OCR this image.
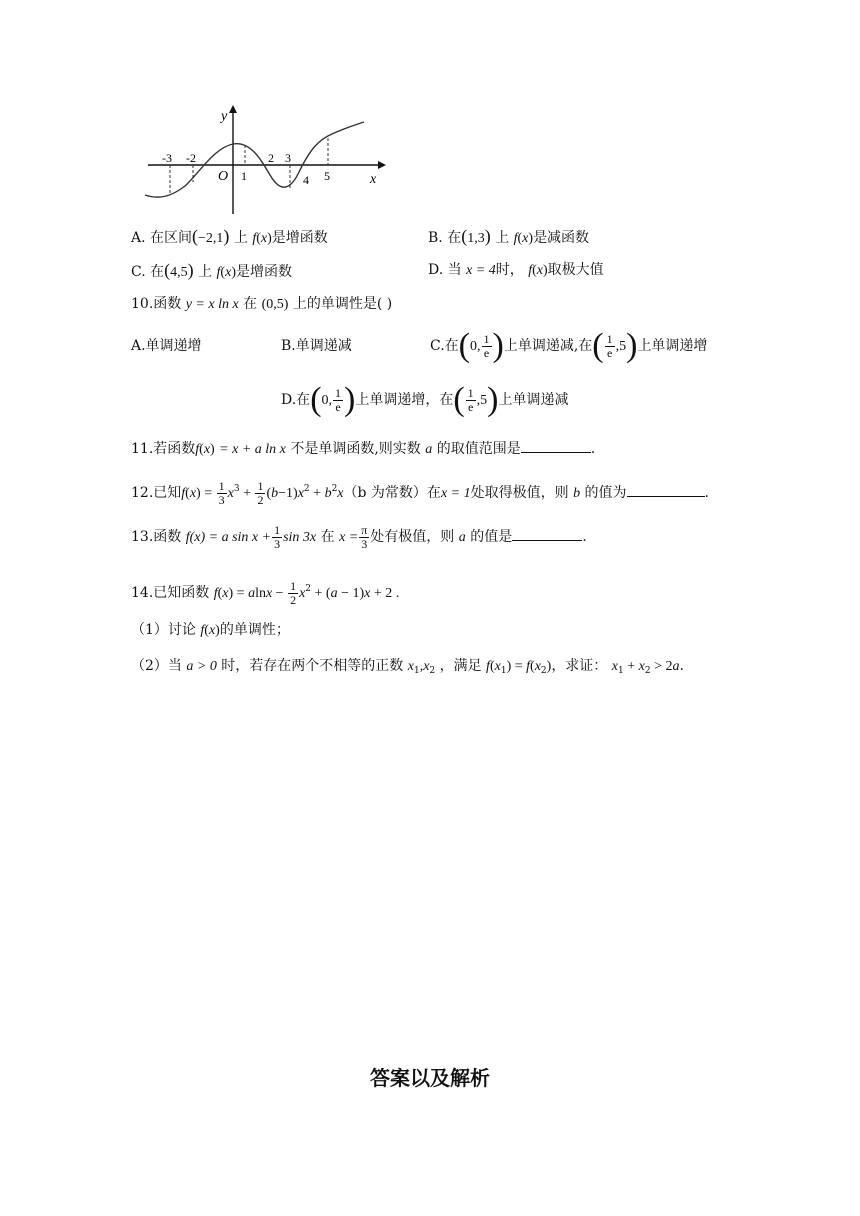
y
x
O
-3 -2
1
2 3
4 5
A. 在区间(−2,1) 上 f(x)是增函数	B. 在(1,3) 上 f(x)是减函数
C. 在(4,5) 上 f(x)是增函数	D. 当 x = 4时， f(x)取极大值
10.函数 y = x ln x 在 (0,5) 上的单调性是( )
A.单调递增	B.单调递减	C.在(0, $\frac{1}{e}$ )上单调递减,在( $\frac{1}{e} ,5$)上单调递增
D.在(0, $\frac{1}{e}$ )上单调递增，在( $\frac{1}{e} ,5$)上单调递减
11.若函数f(x) = x + a ln x 不是单调函数,则实数 a 的取值范围是	.
12.已知$f(x) = \frac{1}{3} x^3 + \frac{1}{2} (b-1)x^2 + b^2x(b$ 为常数）在x = 1处取得极值，则 b 的值为	.
13.函数 f(x) = a $\sin x + \frac{1}{3}$ sin 3x 在 $x = \frac{\pi}{3}$ 处有极值，则 a 的值是	.
14.已知函数 $f(x) = alnx - \frac{1}{2} x^2 + (a - 1)x + 2$ .
（1）讨论 f(x)的单调性；
（2）当 a > 0 时，若存在两个不相等的正数 $x_1,x_2$ ，满足 $f(x_1) = f(x_2)$，求证： $x_1 + x_2 > 2a$.
答案以及解析
